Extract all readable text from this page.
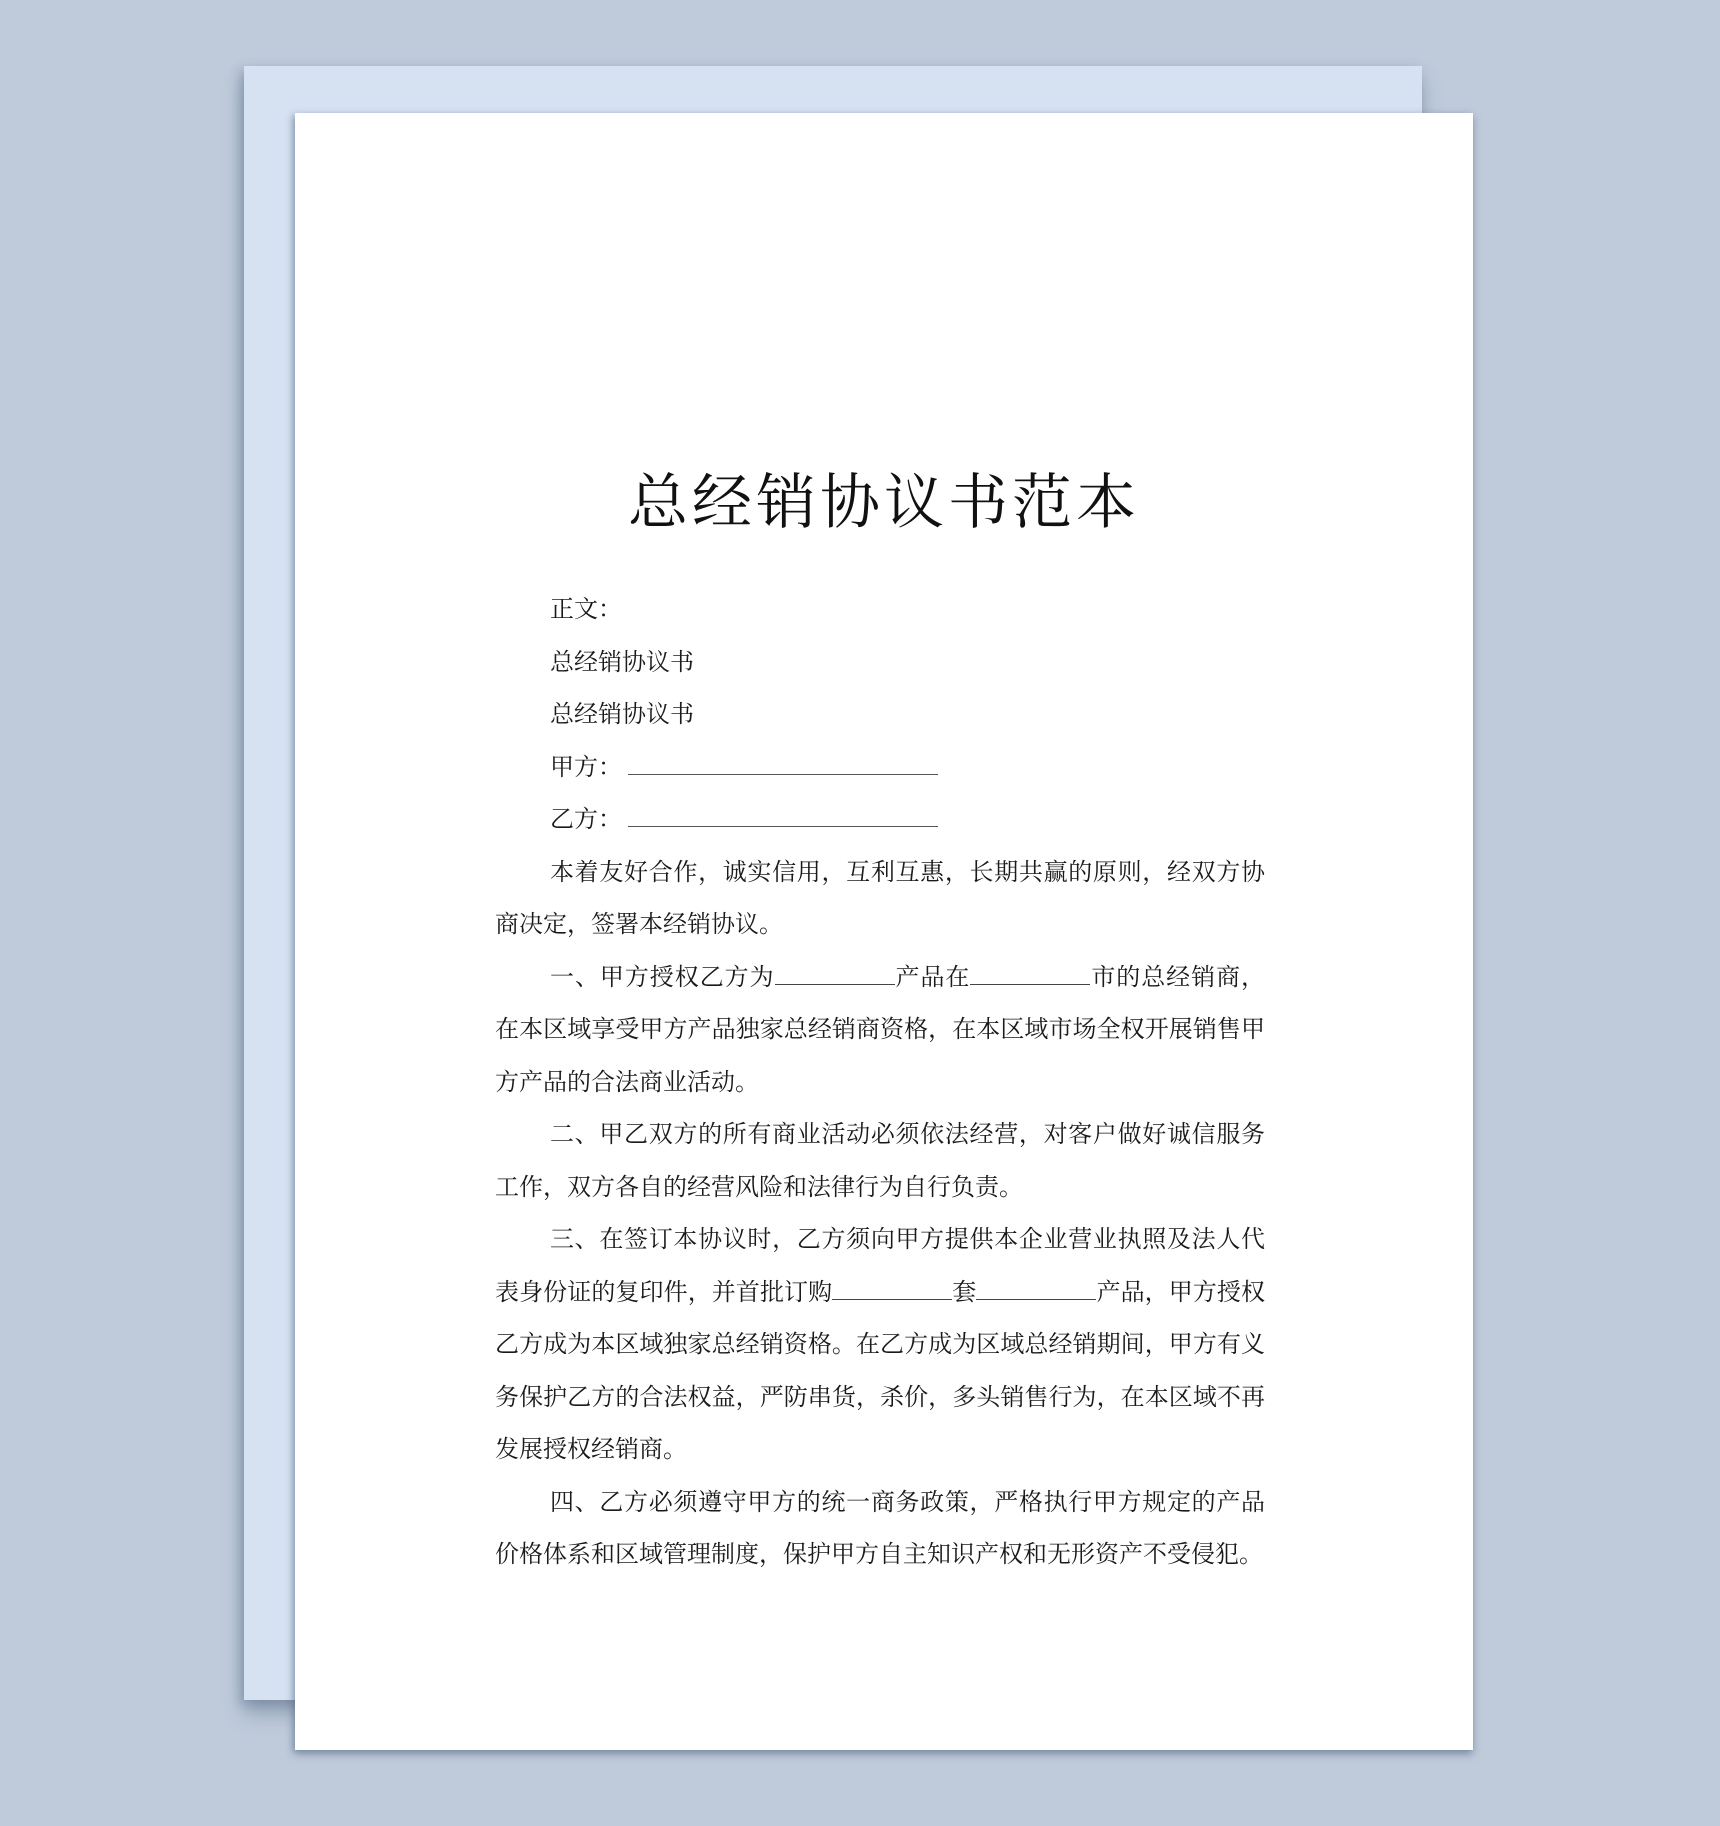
总经销协议书范本

正文：

总经销协议书

总经销协议书

甲方：

乙方：

本着友好合作，诚实信用，互利互惠，长期共赢的原则，经双方协商决定，签署本经销协议。

一、甲方授权乙方为	产品在	市的总经销商，在本区域享受甲方产品独家总经销商资格，在本区域市场全权开展销售甲方产品的合法商业活动。

二、甲乙双方的所有商业活动必须依法经营，对客户做好诚信服务工作，双方各自的经营风险和法律行为自行负责。

三、在签订本协议时，乙方须向甲方提供本企业营业执照及法人代表身份证的复印件，并首批订购	套	产品，甲方授权乙方成为本区域独家总经销资格。在乙方成为区域总经销期间，甲方有义务保护乙方的合法权益，严防串货，杀价，多头销售行为，在本区域不再发展授权经销商。

四、乙方必须遵守甲方的统一商务政策，严格执行甲方规定的产品价格体系和区域管理制度，保护甲方自主知识产权和无形资产不受侵犯。
